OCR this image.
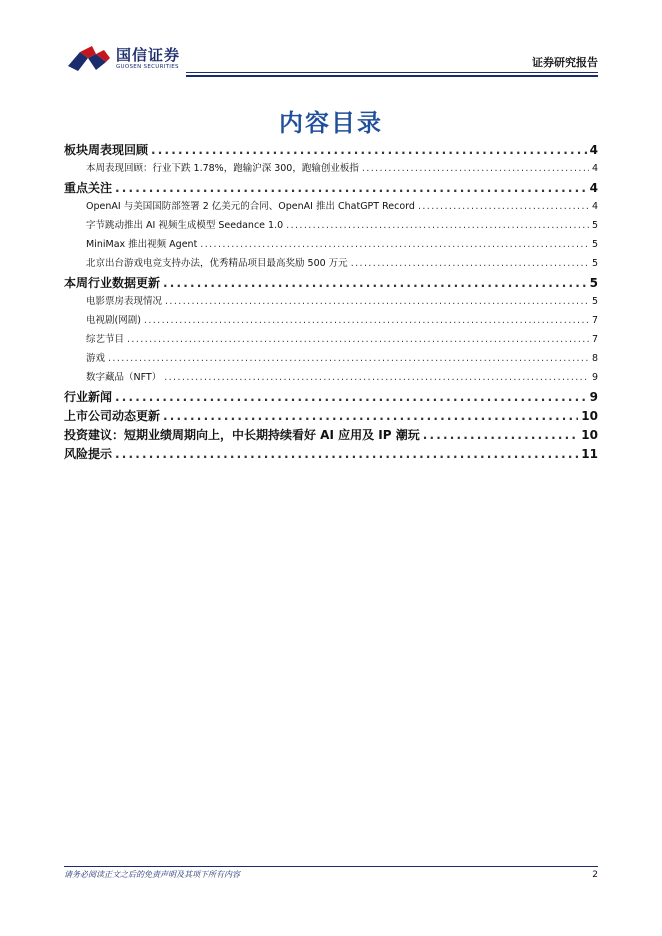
国信证券
GUOSEN SECURITIES	证券研究报告
内容目录
板块周表现回顾 .....	4
本周表现回顾：行业下跌 1.78%，跑输沪深 300，跑输创业板指 .....	4
重点关注 .....	4
OpenAI 与美国国防部签署 2 亿美元的合同、OpenAI 推出 ChatGPT Record .....	4
字节跳动推出 AI 视频生成模型 Seedance 1.0 .....	5
MiniMax 推出视频 Agent .....	5
北京出台游戏电竞支持办法，优秀精品项目最高奖励 500 万元 .....	5
本周行业数据更新 .....	5
电影票房表现情况 .....	5
电视剧(网剧) .....	7
综艺节目 .....	7
游戏 .....	8
数字藏品（NFT） .....	9
行业新闻 .....	9
上市公司动态更新 .....	10
投资建议：短期业绩周期向上，中长期持续看好 AI 应用及 IP 潮玩 .....	10
风险提示 .....	11
请务必阅读正文之后的免责声明及其项下所有内容	2
